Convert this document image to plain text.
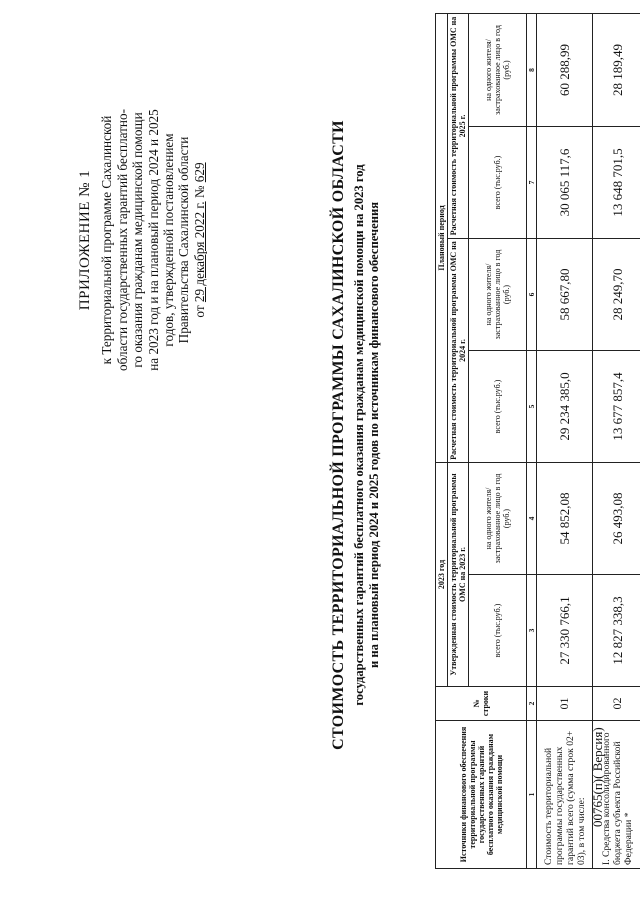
ПРИЛОЖЕНИЕ № 1 к Территориальной программе Сахалинской области государственных гарантий бесплатно- го оказания гражданам медицинской помощи на 2023 год и на плановый период 2024 и 2025 годов, утвержденной постановлением Правительства Сахалинской области от 29 декабря 2022 г. № 629	СТОИМОСТЬ ТЕРРИТОРИАЛЬНОЙ ПРОГРАММЫ САХАЛИНСКОЙ ОБЛАСТИ государственных гарантий бесплатного оказания гражданам медицинской помощи на 2023 год и на плановый период 2024 и 2025 годов по источникам финансового обеспечения
Источники финансового обеспечения территориальной программы государственных гарантий бесплатного оказания гражданам медицинской помощи	№ строки	2023 год		Плановый период			
		Утвержденная стоимость территориальной программы ОМС на 2023 г.		Расчетная стоимость территориальной программы ОМС на 2024 г.		Расчетная стоимость территориальной программы ОМС на 2025 г.	
		всего (тыс.руб.)	на одного жителя/застрахованное лицо в год (руб.)	всего (тыс.руб.)	на одного жителя/застрахованное лицо в год (руб.)	всего (тыс.руб.)	на одного жителя/застрахованное лицо в год (руб.)
1	2	3	4	5	6	7	8
Стоимость территориальной программы государственных гарантий всего (сумма строк 02+ 03), в том числе:	01	27 330 766,1	54 852,08	29 234 385,0	58 667,80	30 065 117,6	60 288,99
I. Средства консолидированного бюджета субъекта Российской Федерации *	02	12 827 338,3	26 493,08	13 677 857,4	28 249,70	13 648 701,5	28 189,49
00765(п)( Версия)
